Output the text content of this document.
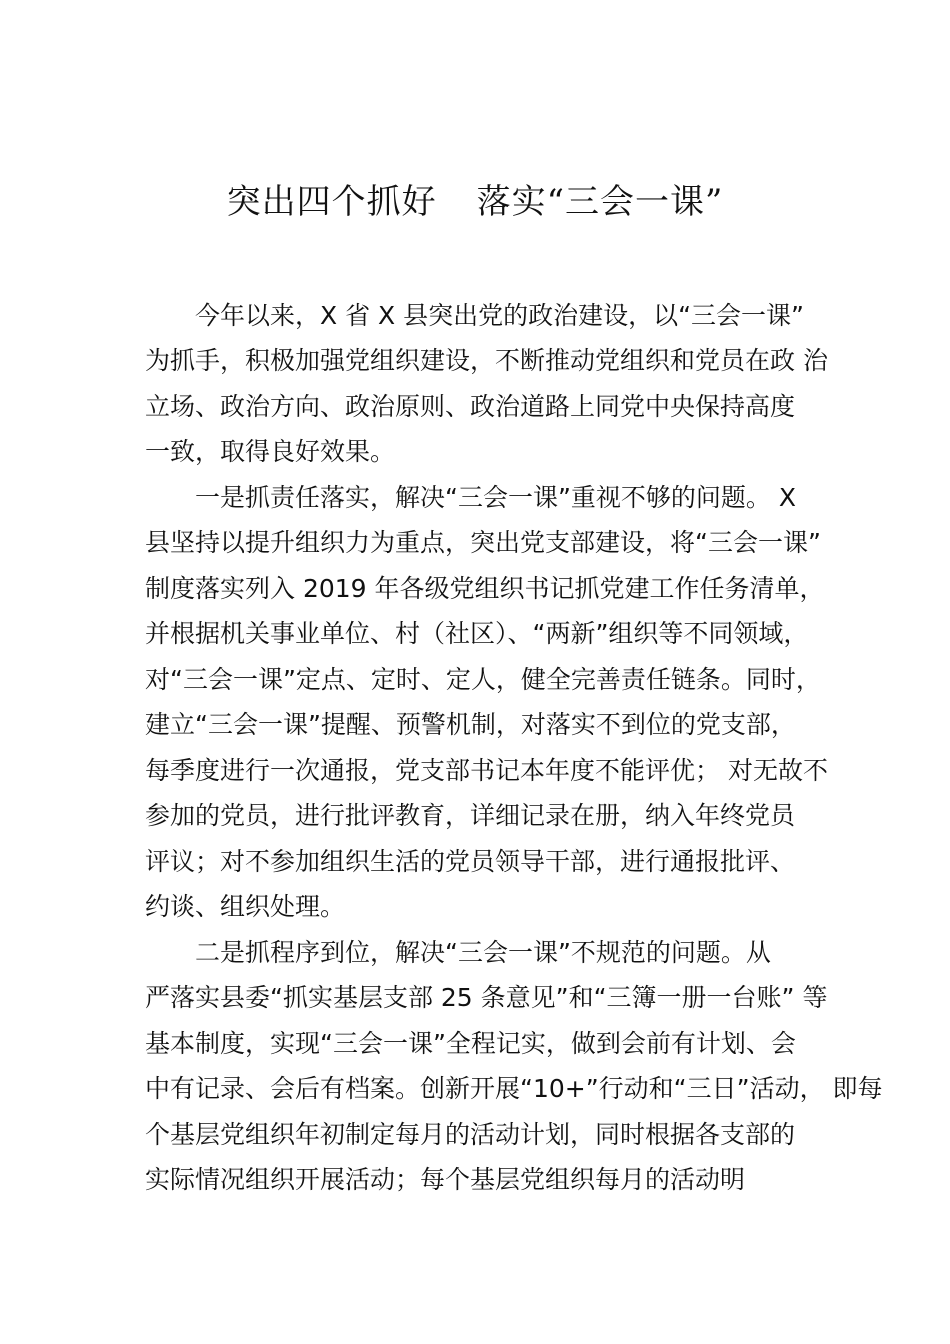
突出四个抓好 落实“三会一课”
今年以来，X 省 X 县突出党的政治建设，以“三会一课”
为抓手，积极加强党组织建设，不断推动党组织和党员在政 治
立场、政治方向、政治原则、政治道路上同党中央保持高度
一致，取得良好效果。
一是抓责任落实，解决“三会一课”重视不够的问题。 X
县坚持以提升组织力为重点，突出党支部建设，将“三会一课”
制度落实列入 2019 年各级党组织书记抓党建工作任务清单，
并根据机关事业单位、村（社区）、“两新”组织等不同领域，
对“三会一课”定点、定时、定人，健全完善责任链条。同时，
建立“三会一课”提醒、预警机制，对落实不到位的党支部，
每季度进行一次通报，党支部书记本年度不能评优； 对无故不
参加的党员，进行批评教育，详细记录在册，纳入年终党员
评议；对不参加组织生活的党员领导干部，进行通报批评、
约谈、组织处理。
二是抓程序到位，解决“三会一课”不规范的问题。从
严落实县委“抓实基层支部 25 条意见”和“三簿一册一台账” 等
基本制度，实现“三会一课”全程记实，做到会前有计划、会
中有记录、会后有档案。创新开展“10+”行动和“三日”活动， 即每
个基层党组织年初制定每月的活动计划，同时根据各支部的
实际情况组织开展活动；每个基层党组织每月的活动明
